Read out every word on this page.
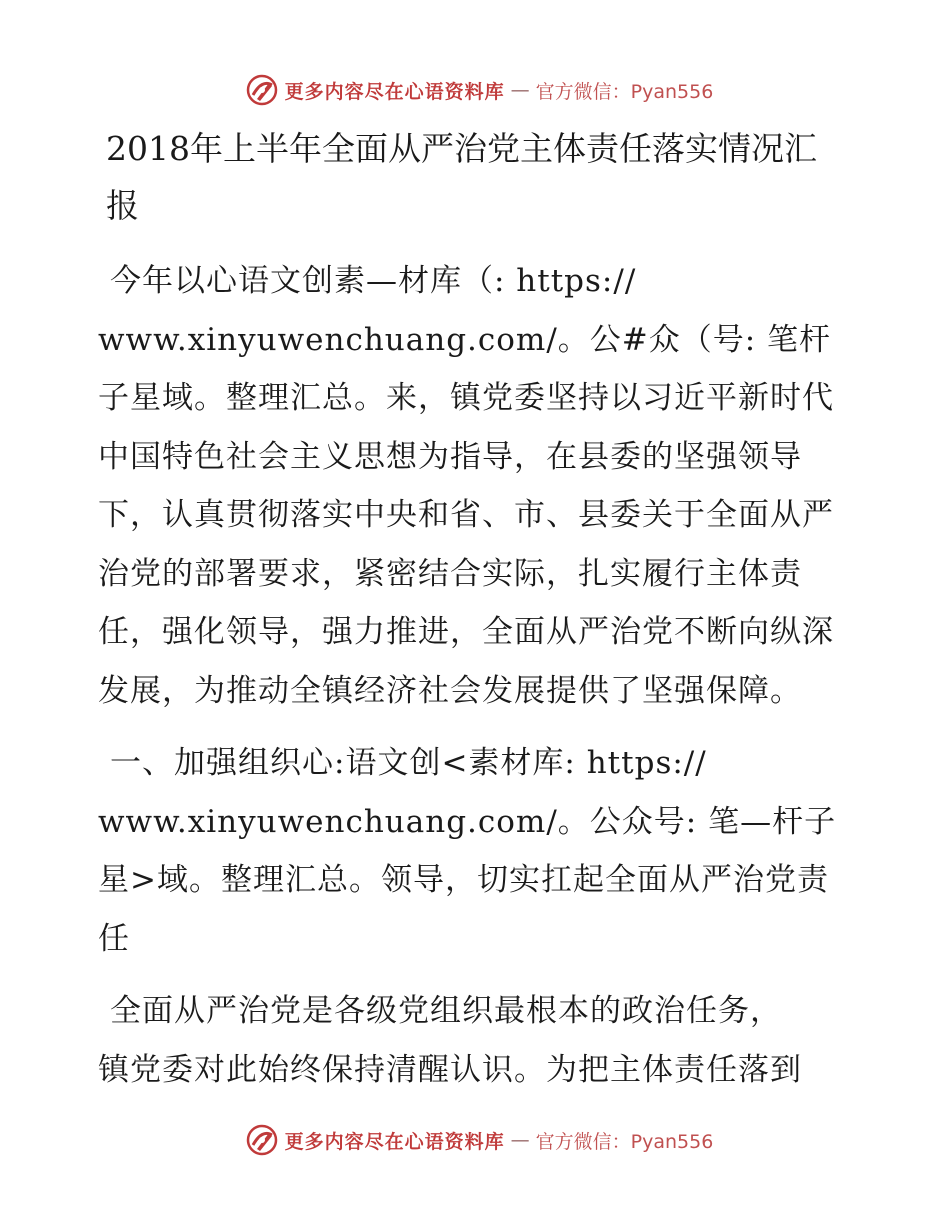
更多内容尽在心语资料库 — 官方微信：Pyan556
2018年上半年全面从严治党主体责任落实情况汇
报

今年以心语文创素—材库（: https://
www.xinyuwenchuang.com/。公#众（号: 笔杆子星域。整理汇总。来，镇党委坚持以习近平新时代中国特色社会主义思想为指导，在县委的坚强领导下，认真贯彻落实中央和省、市、县委关于全面从严治党的部署要求，紧密结合实际，扎实履行主体责任，强化领导，强力推进，全面从严治党不断向纵深发展，为推动全镇经济社会发展提供了坚强保障。

一、加强组织心:语文创<素材库: https://
www.xinyuwenchuang.com/。公众号: 笔—杆子星>域。整理汇总。领导，切实扛起全面从严治党责任

全面从严治党是各级党组织最根本的政治任务，
镇党委对此始终保持清醒认识。为把主体责任落到

更多内容尽在心语资料库 — 官方微信：Pyan556
